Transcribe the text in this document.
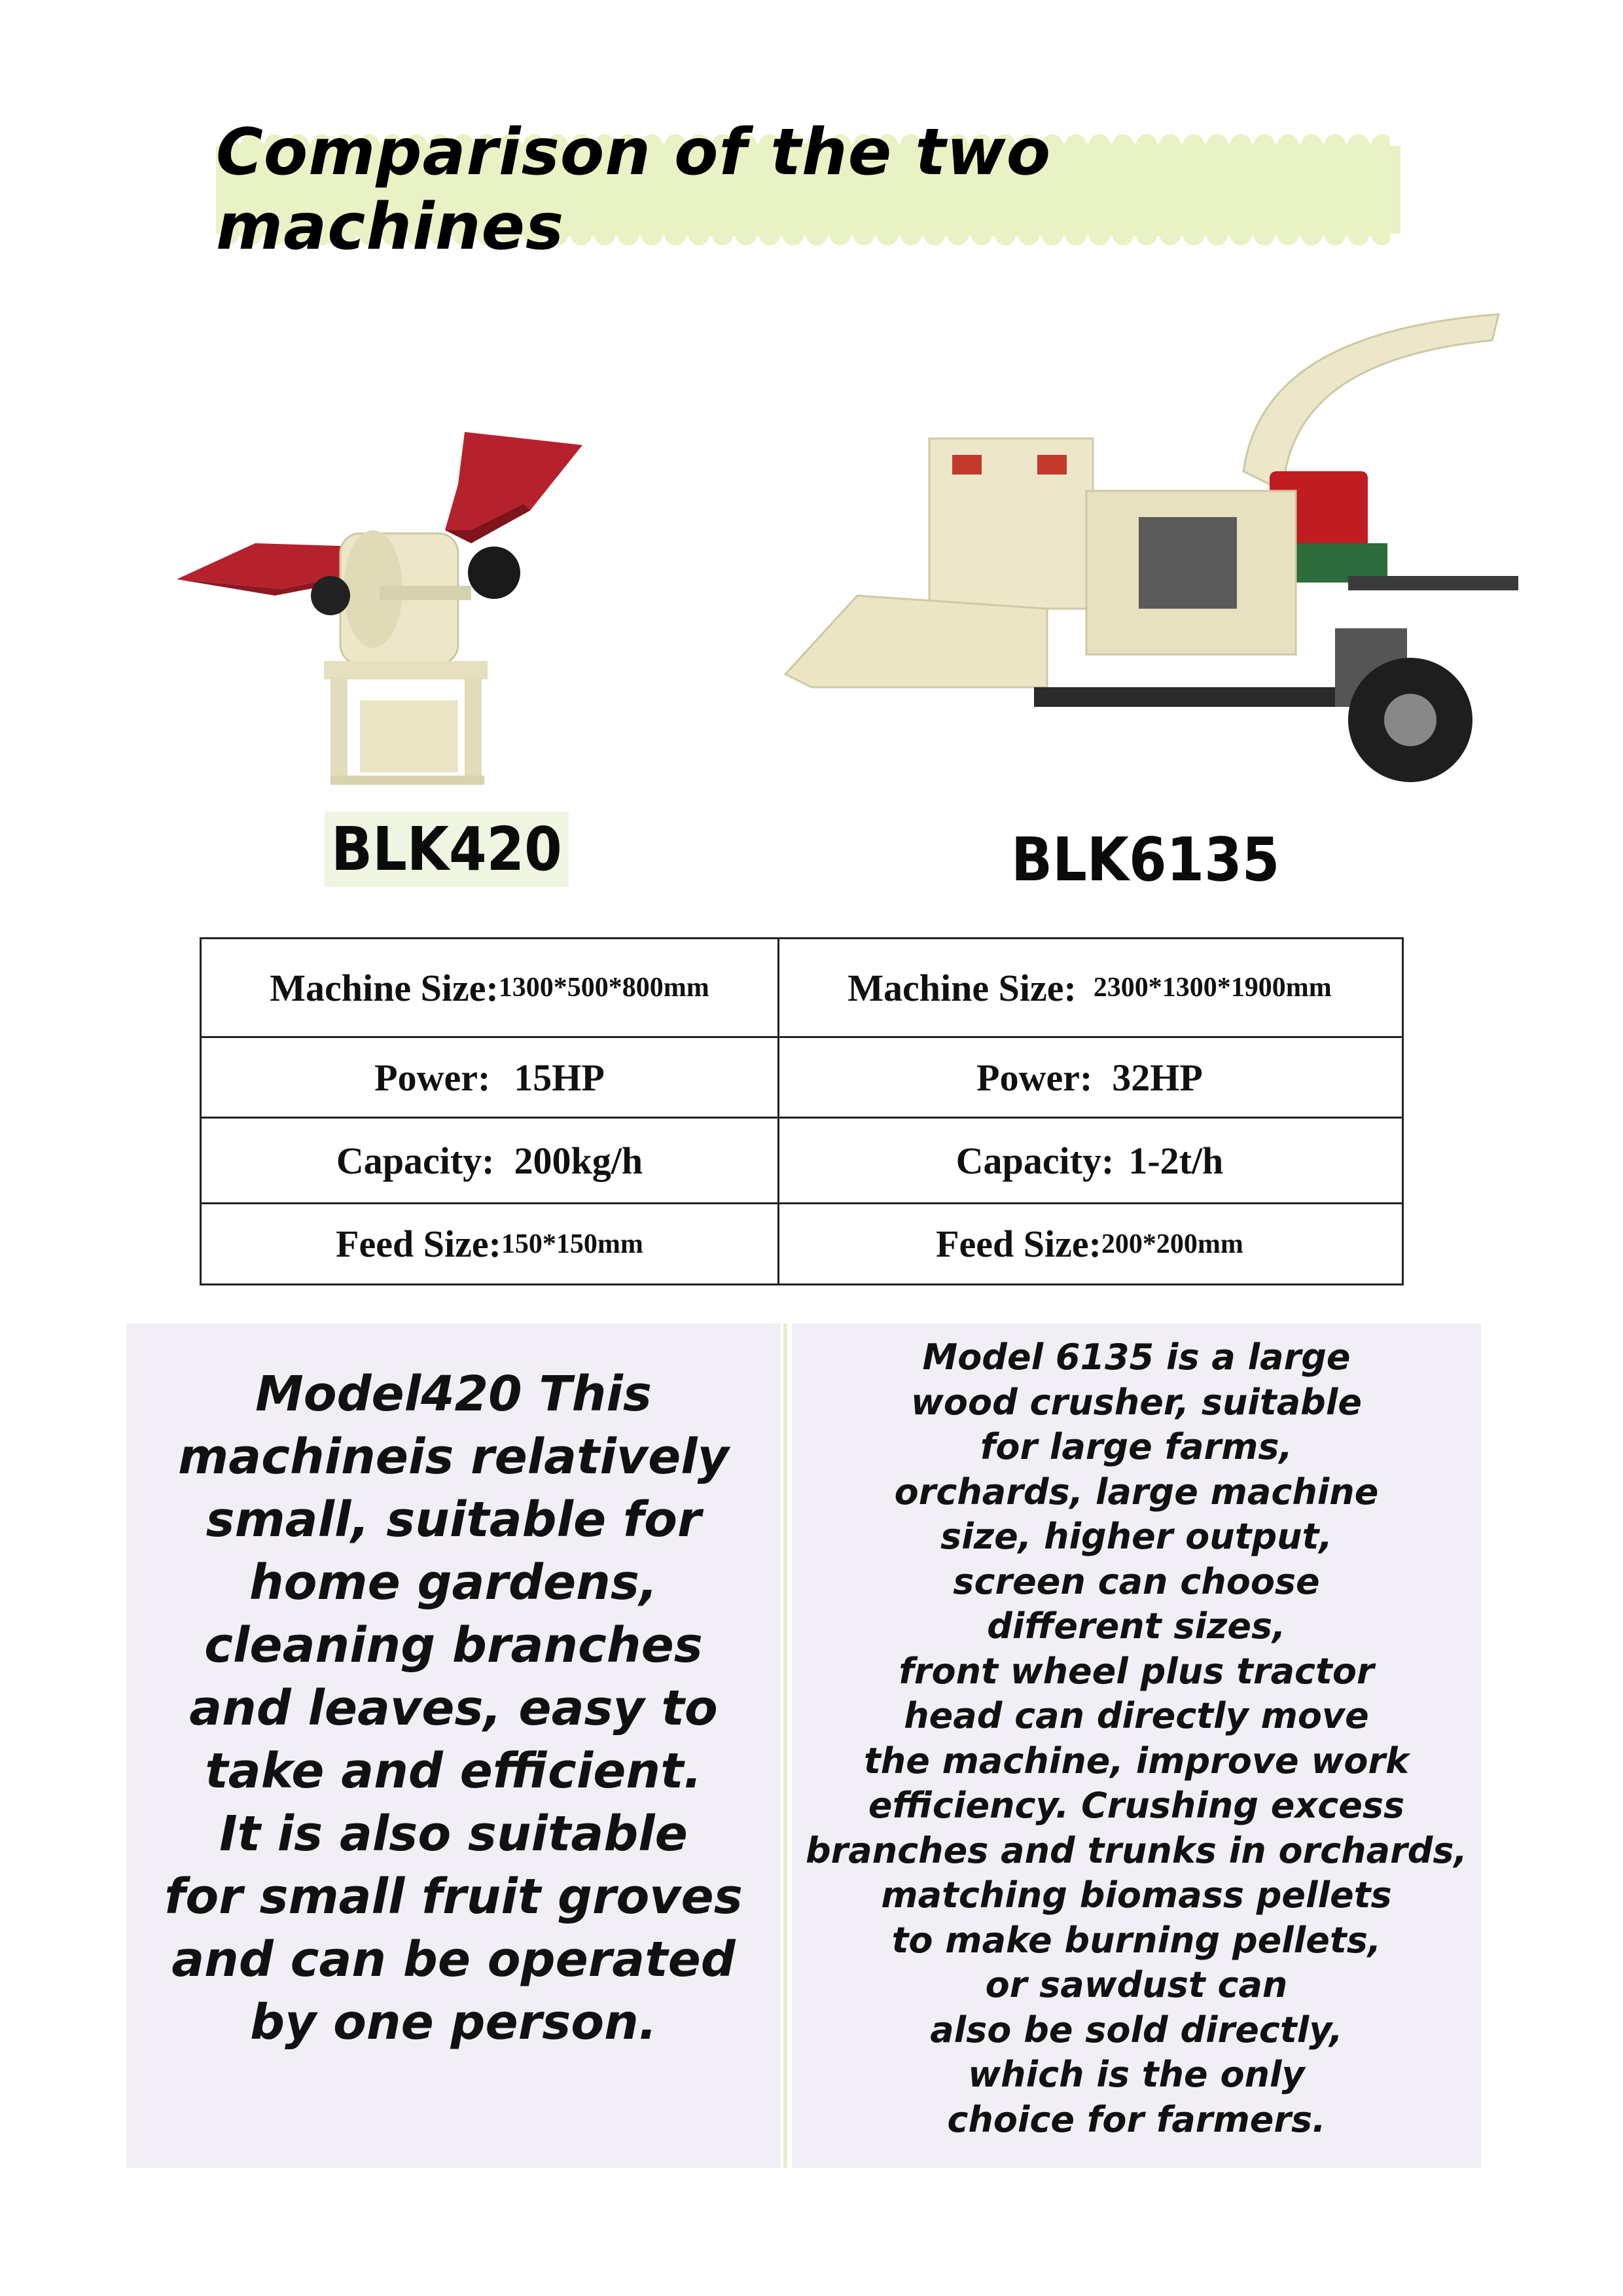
Comparison of the two machines
BLK420	BLK6135
Machine Size: 1300*500*800mm	Machine Size: 2300*1300*1900mm
Power: 15HP	Power: 32HP
Capacity: 200kg/h	Capacity: 1-2t/h
Feed Size: 150*150mm	Feed Size: 200*200mm
Model420 This
machineis relatively
small, suitable for
home gardens,
cleaning branches
and leaves, easy to
take and efficient.
It is also suitable
for small fruit groves
and can be operated
by one person.
Model 6135 is a large
wood crusher, suitable
for large farms,
orchards, large machine
size, higher output,
screen can choose
different sizes,
front wheel plus tractor
head can directly move
the machine, improve work
efficiency. Crushing excess
branches and trunks in orchards,
matching biomass pellets
to make burning pellets,
or sawdust can
also be sold directly,
which is the only
choice for farmers.
